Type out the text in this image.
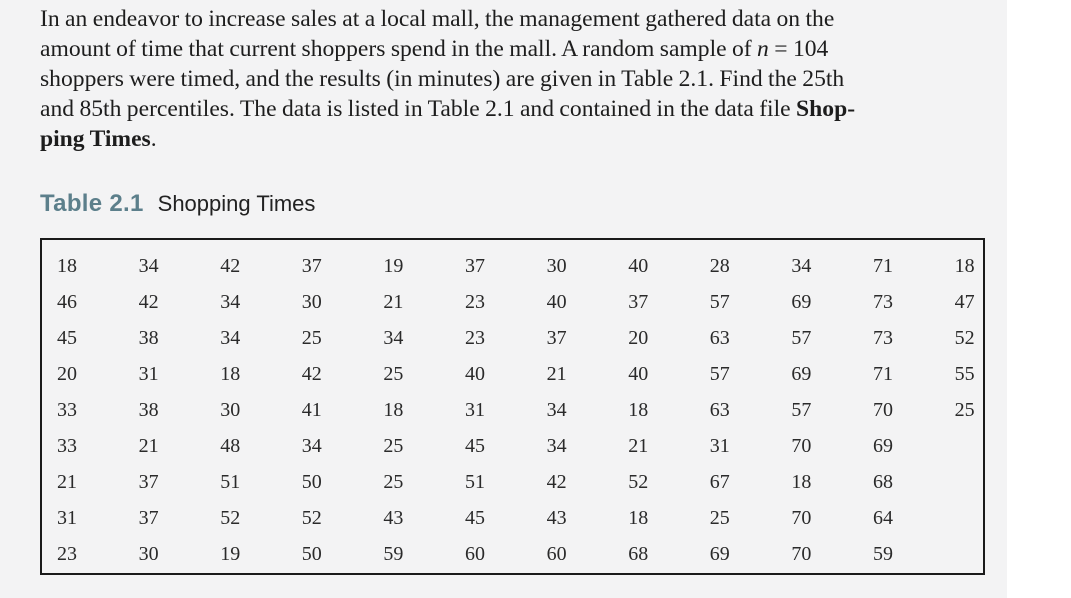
In an endeavor to increase sales at a local mall, the management gathered data on the
amount of time that current shoppers spend in the mall. A random sample of n = 104
shoppers were timed, and the results (in minutes) are given in Table 2.1. Find the 25th
and 85th percentiles. The data is listed in Table 2.1 and contained in the data file Shop-
ping Times.
Table 2.1 Shopping Times
18
46
45
20
33
33
21
31
23
34
42
38
31
38
21
37
37
30
42
34
34
18
30
48
51
52
19
37
30
25
42
41
34
50
52
50
19
21
34
25
18
25
25
43
59
37
23
23
40
31
45
51
45
60
30
40
37
21
34
34
42
43
60
40
37
20
40
18
21
52
18
68
28
57
63
57
63
31
67
25
69
34
69
57
69
57
70
18
70
70
71
73
73
71
70
69
68
64
59
18
47
52
55
25
